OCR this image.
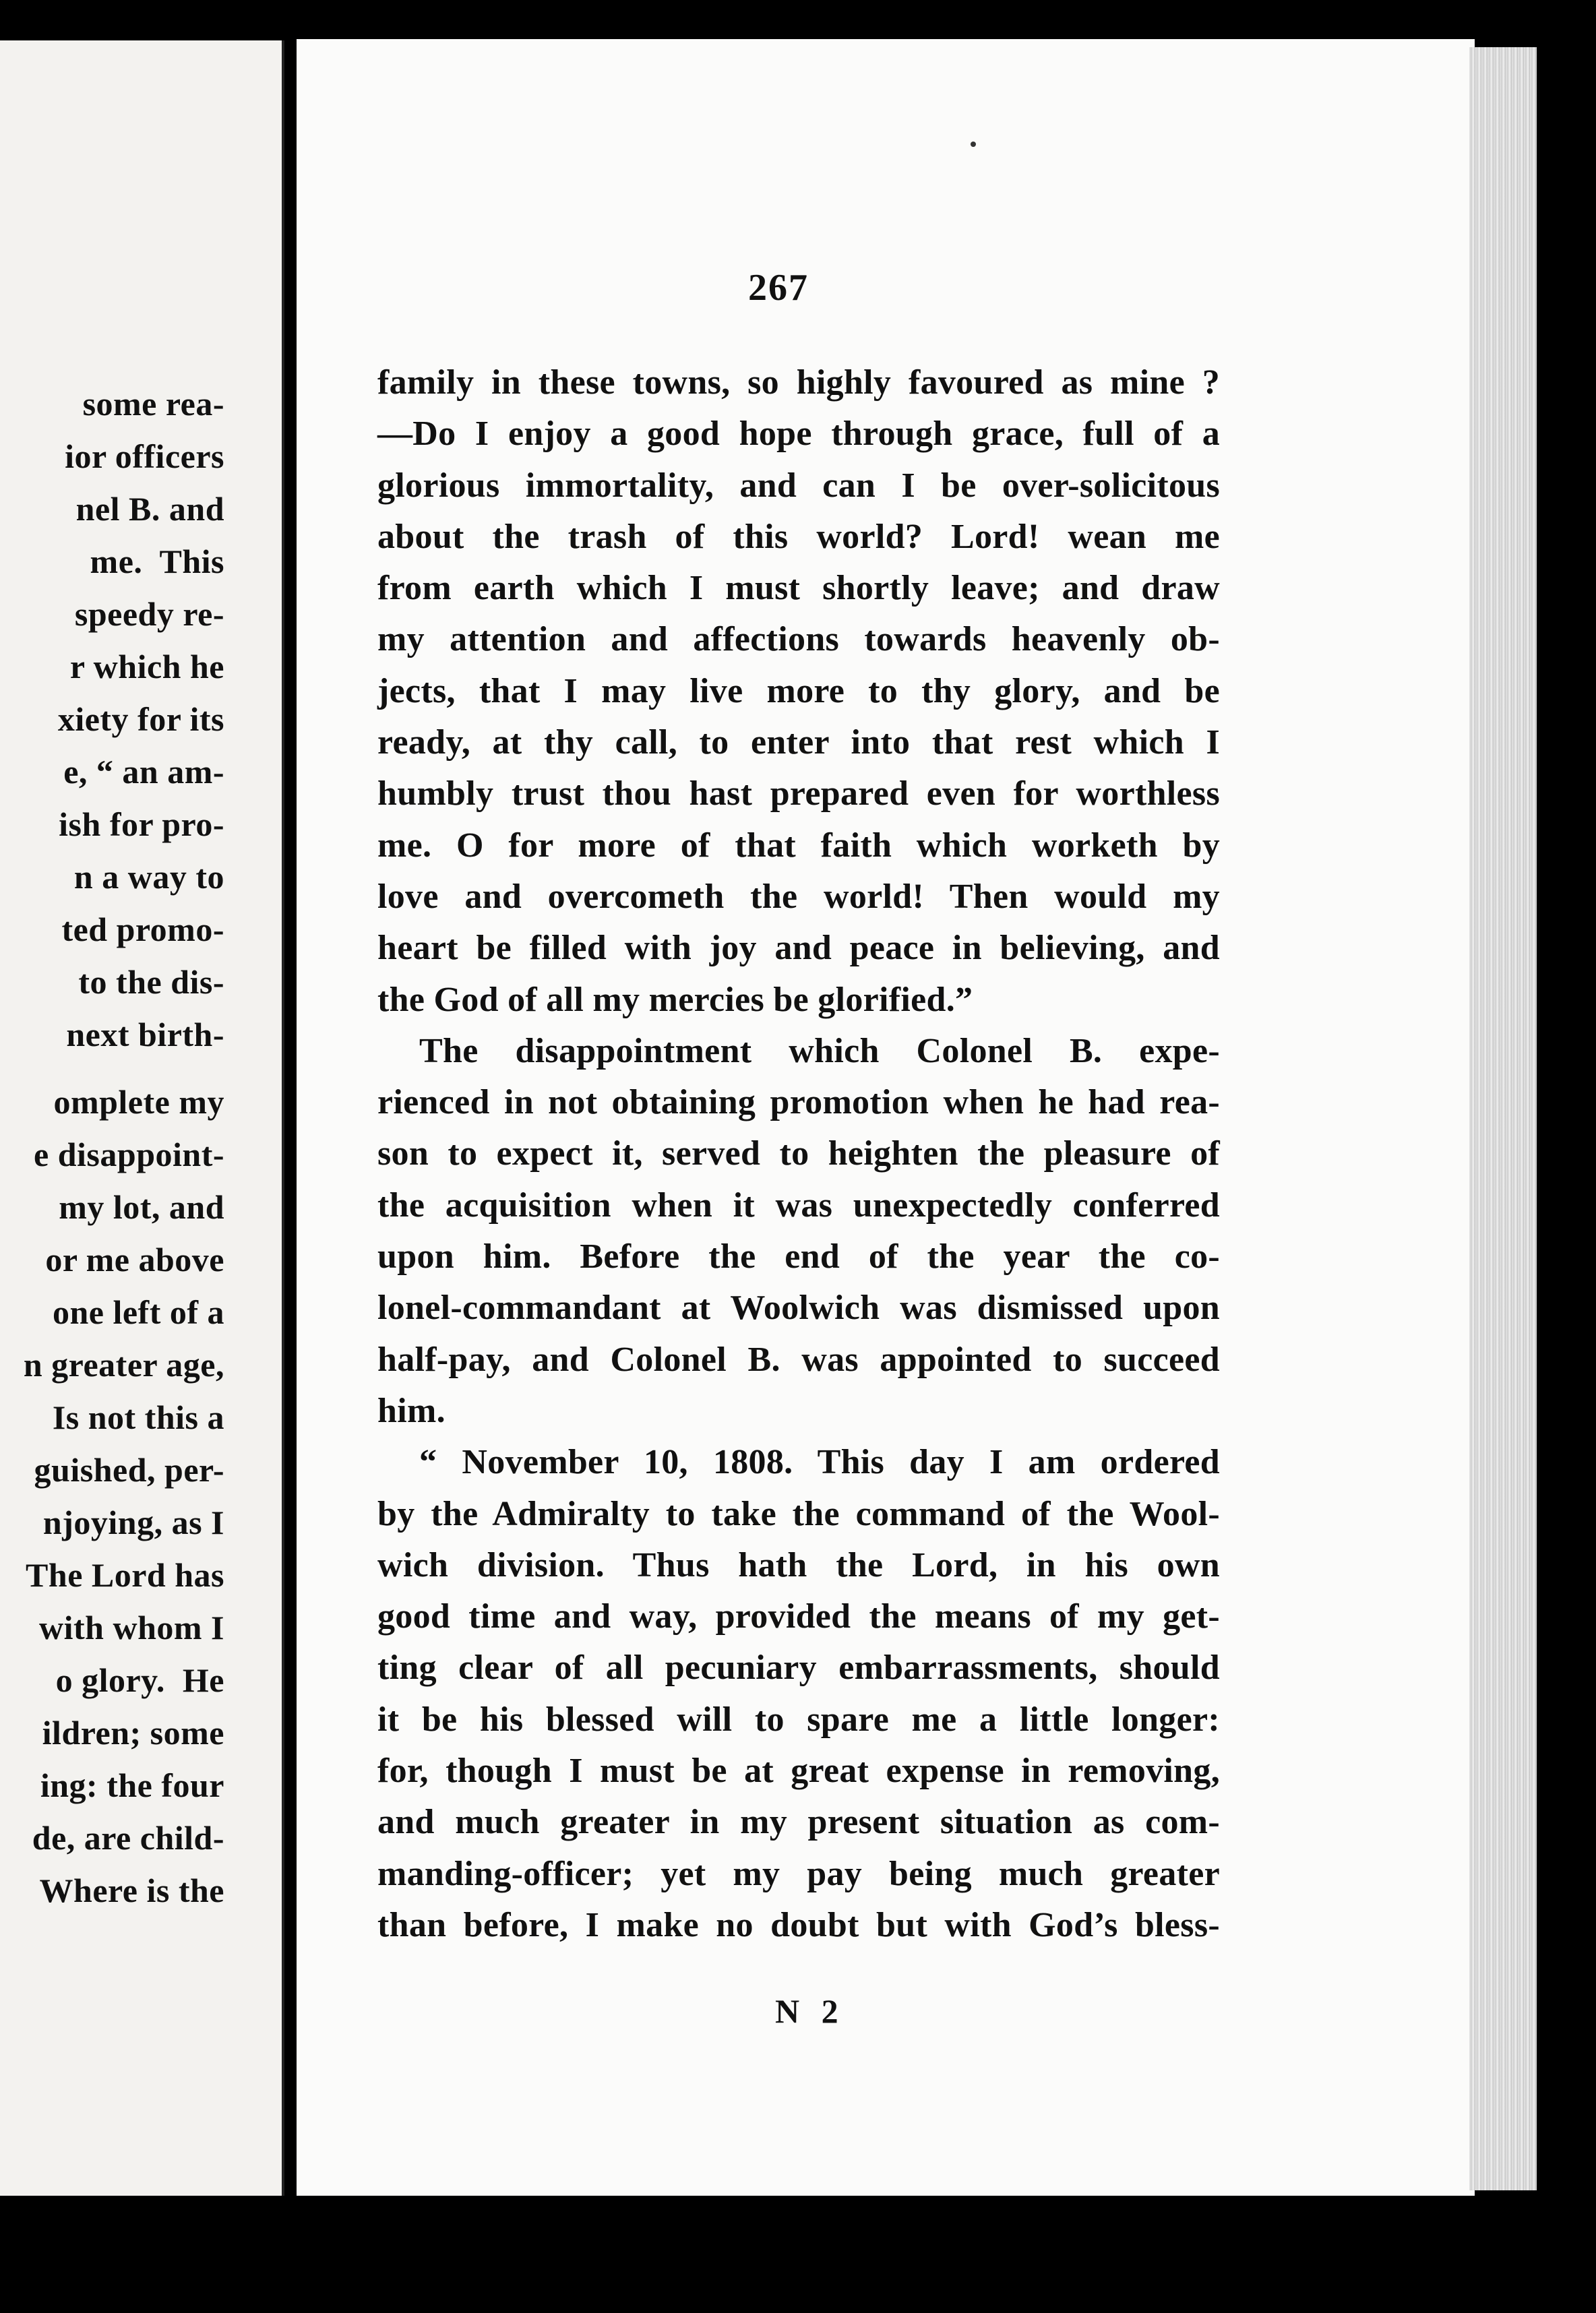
some rea-
ior officers
nel B. and
me.  This
speedy re-
r which he
xiety for its
e, “ an am-
ish for pro-
n a way to
ted promo-
to the dis-
next birth-
omplete my
e disappoint-
my lot, and
or me above
one left of a
n greater age,
Is not this a
guished, per-
njoying, as I
The Lord has
with whom I
o glory.  He
ildren; some
ing: the four
de, are child-
Where is the
267
family in these towns, so highly favoured as mine ?
—Do I enjoy a good hope through grace, full of a
glorious immortality, and can I be over-solicitous
about the trash of this world? Lord! wean me
from earth which I must shortly leave; and draw
my attention and affections towards heavenly ob-
jects, that I may live more to thy glory, and be
ready, at thy call, to enter into that rest which I
humbly trust thou hast prepared even for worthless
me. O for more of that faith which worketh by
love and overcometh the world! Then would my
heart be filled with joy and peace in believing, and
the God of all my mercies be glorified.”
The disappointment which Colonel B. expe-
rienced in not obtaining promotion when he had rea-
son to expect it, served to heighten the pleasure of
the acquisition when it was unexpectedly conferred
upon him. Before the end of the year the co-
lonel-commandant at Woolwich was dismissed upon
half-pay, and Colonel B. was appointed to succeed
him.
“ November 10, 1808. This day I am ordered
by the Admiralty to take the command of the Wool-
wich division. Thus hath the Lord, in his own
good time and way, provided the means of my get-
ting clear of all pecuniary embarrassments, should
it be his blessed will to spare me a little longer:
for, though I must be at great expense in removing,
and much greater in my present situation as com-
manding-officer; yet my pay being much greater
than before, I make no doubt but with God’s bless-
N 2
